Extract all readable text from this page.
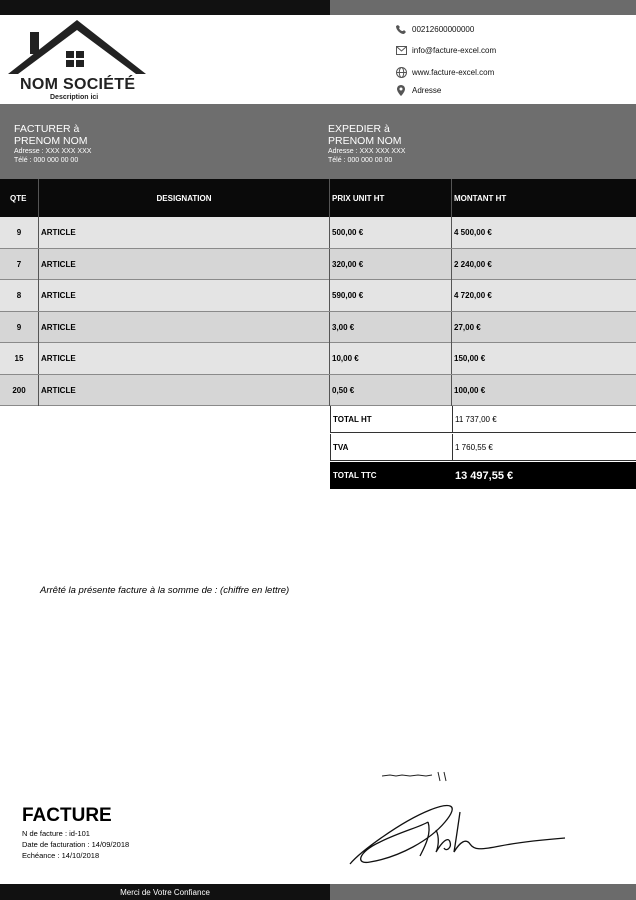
NOM SOCIÉTÉ
Description ici
00212600000000
info@facture-excel.com
www.facture-excel.com
Adresse
FACTURER à
PRENOM NOM
Adresse : XXX XXX XXX
Télé : 000 000 00 00
EXPEDIER à
PRENOM NOM
Adresse : XXX XXX XXX
Télé : 000 000 00 00
QTE	DESIGNATION	PRIX UNIT HT	MONTANT HT
9	ARTICLE	500,00 €	4 500,00 €
7	ARTICLE	320,00 €	2 240,00 €
8	ARTICLE	590,00 €	4 720,00 €
9	ARTICLE	3,00 €	27,00 €
15	ARTICLE	10,00 €	150,00 €
200	ARTICLE	0,50 €	100,00 €
TOTAL HT	11 737,00 €
TVA	1 760,55 €
TOTAL TTC	13 497,55 €
Arrêté la présente facture à la somme de : (chiffre en lettre)
FACTURE
N de facture : id-101
Date de facturation : 14/09/2018
Echéance : 14/10/2018
Merci de Votre Confiance
